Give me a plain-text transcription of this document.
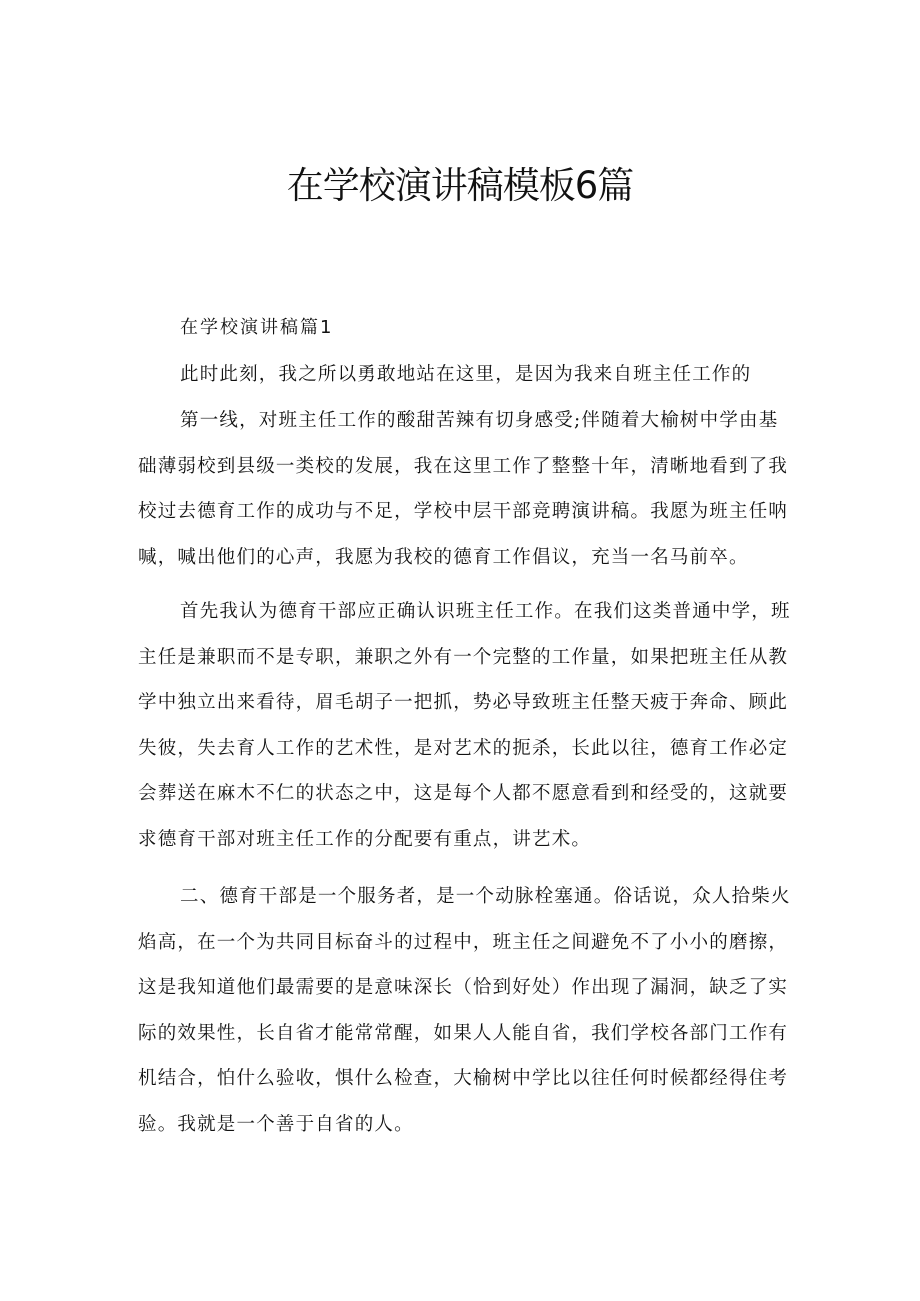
在学校演讲稿模板6篇
在学校演讲稿篇1

此时此刻，我之所以勇敢地站在这里，是因为我来自班主任工作的

第一线，对班主任工作的酸甜苦辣有切身感受;伴随着大榆树中学由基础薄弱校到县级一类校的发展，我在这里工作了整整十年，清晰地看到了我校过去德育工作的成功与不足，学校中层干部竞聘演讲稿。我愿为班主任呐喊，喊出他们的心声，我愿为我校的德育工作倡议，充当一名马前卒。

首先我认为德育干部应正确认识班主任工作。在我们这类普通中学，班主任是兼职而不是专职，兼职之外有一个完整的工作量，如果把班主任从教学中独立出来看待，眉毛胡子一把抓，势必导致班主任整天疲于奔命、顾此失彼，失去育人工作的艺术性，是对艺术的扼杀，长此以往，德育工作必定会葬送在麻木不仁的状态之中，这是每个人都不愿意看到和经受的，这就要求德育干部对班主任工作的分配要有重点，讲艺术。

二、德育干部是一个服务者，是一个动脉栓塞通。俗话说，众人拾柴火焰高，在一个为共同目标奋斗的过程中，班主任之间避免不了小小的磨擦，这是我知道他们最需要的是意味深长（恰到好处）作出现了漏洞，缺乏了实际的效果性，长自省才能常常醒，如果人人能自省，我们学校各部门工作有机结合，怕什么验收，惧什么检查，大榆树中学比以往任何时候都经得住考验。我就是一个善于自省的人。
